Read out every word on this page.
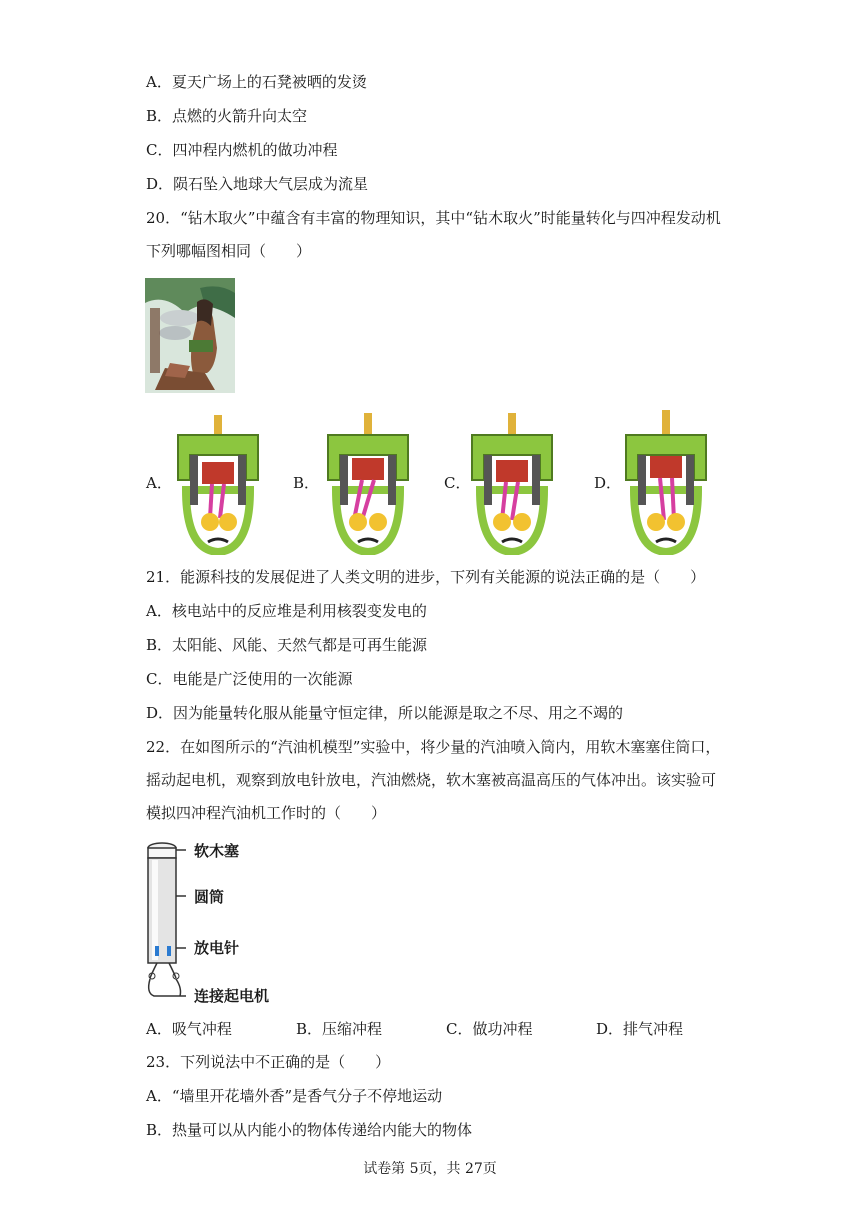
A．夏天广场上的石凳被晒的发烫
B．点燃的火箭升向太空
C．四冲程内燃机的做功冲程
D．陨石坠入地球大气层成为流星
20．“钻木取火”中蕴含有丰富的物理知识，其中“钻木取火”时能量转化与四冲程发动机
下列哪幅图相同（　　）
A．	B．	C．	D．
21．能源科技的发展促进了人类文明的进步，下列有关能源的说法正确的是（　　）
A．核电站中的反应堆是利用核裂变发电的
B．太阳能、风能、天然气都是可再生能源
C．电能是广泛使用的一次能源
D．因为能量转化服从能量守恒定律，所以能源是取之不尽、用之不竭的
22．在如图所示的“汽油机模型”实验中，将少量的汽油喷入筒内，用软木塞塞住筒口，
摇动起电机，观察到放电针放电，汽油燃烧，软木塞被高温高压的气体冲出。该实验可
模拟四冲程汽油机工作时的（　　）
软木塞
圆筒
放电针
连接起电机
A．吸气冲程	B．压缩冲程	C．做功冲程	D．排气冲程
23．下列说法中不正确的是（　　）
A．“墙里开花墙外香”是香气分子不停地运动
B．热量可以从内能小的物体传递给内能大的物体
试卷第 5页，共 27页
